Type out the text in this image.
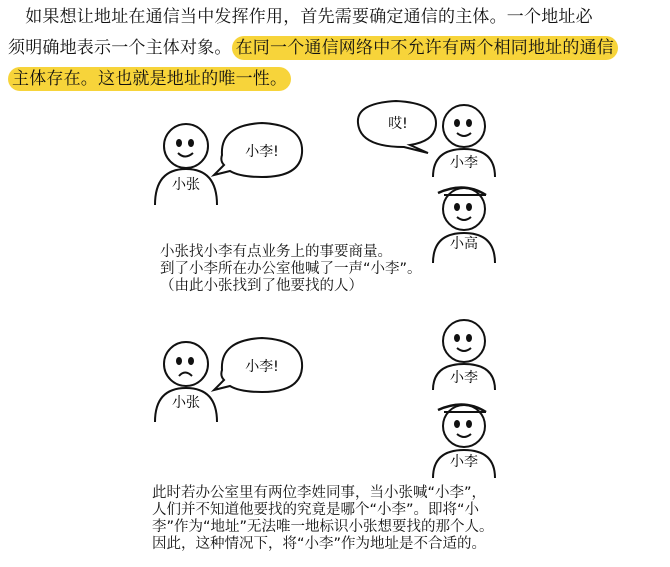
　如果想让地址在通信当中发挥作用，首先需要确定通信的主体。一个地址必
须明确地表示一个主体对象。 在同一个通信网络中不允许有两个相同地址的通信
主体存在。这也就是地址的唯一性。
小张
小李!
哎!
小李
小高
小张找小李有点业务上的事要商量。
到了小李所在办公室他喊了一声“小李”。
（由此小张找到了他要找的人）
小张
小李!
小李
小李
此时若办公室里有两位李姓同事，当小张喊“小李”，
人们并不知道他要找的究竟是哪个“小李”。即将“小
李”作为“地址”无法唯一地标识小张想要找的那个人。
因此，这种情况下，将“小李”作为地址是不合适的。
